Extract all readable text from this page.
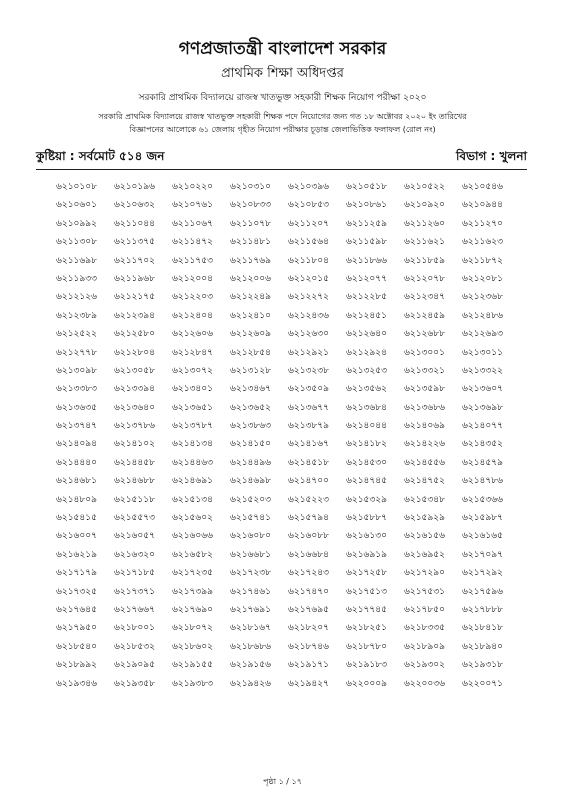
গণপ্রজাতন্ত্রী বাংলাদেশ সরকার
প্রাথমিক শিক্ষা অধিদপ্তর
সরকারি প্রাথমিক বিদ্যালয়ে রাজস্ব খাতভুক্ত সহকারী শিক্ষক নিয়োগ পরীক্ষা ২০২০
সরকারি প্রাথমিক বিদ্যালয়ে রাজস্ব খাতভুক্ত সহকারী শিক্ষক পদে নিয়োগের জন্য গত ১৮ অক্টোবর ২০২০ ইং তারিখের
বিজ্ঞাপনের আলোকে ৬১ জেলায় গৃহীত নিয়োগ পরীক্ষার চূড়ান্ত জেলাভিত্তিক ফলাফল (রোল নং)
কুষ্টিয়া : সর্বমোট ৫১৪ জন	বিভাগ : খুলনা
৬২১০১০৮	৬২১০১৯৬	৬২১০২২০	৬২১০৩১০	৬২১০৩৯৬	৬২১০৫১৮	৬২১০৫২২	৬২১০৫৪৬
৬২১০৬০১	৬২১০৬৩২	৬২১০৭৬১	৬২১০৮৩৩	৬২১০৮৫৩	৬২১০৮৬১	৬২১০৯২০	৬২১০৯৪৪
৬২১০৯৯২	৬২১১০৪৪	৬২১১০৬৭	৬২১১০৭৮	৬২১১২০৭	৬২১১২৫৯	৬২১১২৬০	৬২১১২৭০
৬২১১৩০৮	৬২১১৩৭৫	৬২১১৪৭২	৬২১১৪৮১	৬২১১৫৬৪	৬২১১৫৯৮	৬২১১৬২১	৬২১১৬২৩
৬২১১৬৯৮	৬২১১৭০২	৬২১১৭৫৩	৬২১১৭৬৯	৬২১১৮০৪	৬২১১৮৬৬	৬২১১৮৫৯	৬২১১৮৭২
৬২১১৯৩৩	৬২১১৯৬৮	৬২১২০০৪	৬২১২০০৬	৬২১২০১৫	৬২১২০৭৭	৬২১২০৭৮	৬২১২০৮১
৬২১২১২৬	৬২১২১৭৫	৬২১২২০৩	৬২১২২৪৯	৬২১২২৭২	৬২১২২৮৫	৬২১২৩৪৭	৬২১২৩৬৮
৬২১২৩৮৯	৬২১২৩৯৪	৬২১২৪০৪	৬২১২৪১০	৬২১২৪৩৬	৬২১২৪৫১	৬২১২৪৫৯	৬২১২৪৮৬
৬২১২৫২২	৬২১২৫৮০	৬২১২৬০৬	৬২১২৬০৯	৬২১২৬৩০	৬২১২৬৪০	৬২১২৬৮৮	৬২১২৬৯৩
৬২১২৭৭৮	৬২১২৮০৪	৬২১২৮৪৭	৬২১২৮৫৪	৬২১২৯২১	৬২১২৯২৪	৬২১৩০০১	৬২১৩০১১
৬২১৩০৯৮	৬২১৩০৫৮	৬২১৩০৭২	৬২১৩১২৮	৬২১৩২৩৮	৬২১৩২৫৩	৬২১৩৩২১	৬২১৩৩২২
৬২১৩৩৮৩	৬২১৩৩৯৪	৬২১৩৪০১	৬২১৩৪৬৭	৬২১৩৫০৯	৬২১৩৫৬২	৬২১৩৫৯৮	৬২১৩৬০৭
৬২১৩৬৩৫	৬২১৩৬৪০	৬২১৩৬৫১	৬২১৩৬৫২	৬২১৩৬৭৭	৬২১৩৬৮৪	৬২১৩৬৮৬	৬২১৩৬৯৮
৬২১৩৭৪৭	৬২১৩৭৮৬	৬২১৩৭৮৭	৬২১৩৮৬৩	৬২১৩৮৭৯	৬২১৪০৪৪	৬২১৪০৬৯	৬২১৪০৭৭
৬২১৪০৯৪	৬২১৪১০২	৬২১৪১৩৪	৬২১৪১৫০	৬২১৪১৬৭	৬২১৪১৮২	৬২১৪২২৬	৬২১৪৩৫২
৬২১৪৪৪০	৬২১৪৪৫৮	৬২১৪৪৬৩	৬২১৪৪৯৬	৬২১৪৫১৮	৬২১৪৫৩০	৬২১৪৫৫৬	৬২১৪৫৭৯
৬২১৪৬৮১	৬২১৪৬৮৮	৬২১৪৬৯১	৬২১৪৬৯৮	৬২১৪৭০০	৬২১৪৭৪৫	৬২১৪৭৫২	৬২১৪৭৮৬
৬২১৪৮০৯	৬২১৫১১৮	৬২১৫১৩৪	৬২১৫২০৩	৬২১৫২২৩	৬২১৫৩২৯	৬২১৫৩৪৮	৬২১৫৩৬৬
৬২১৫৪১৫	৬২১৫৫৭৩	৬২১৫৬০২	৬২১৫৭৪১	৬২১৫৭৯৪	৬২১৫৮৮৭	৬২১৫৯২৯	৬২১৫৯৮৭
৬২১৬০০৭	৬২১৬০৫৭	৬২১৬০৬৬	৬২১৬০৮০	৬২১৬০৮৮	৬২১৬১৩০	৬২১৬১৫৬	৬২১৬১৬৫
৬২১৬২১৯	৬২১৬৩২০	৬২১৬৫৮২	৬২১৬৬৮১	৬২১৬৬৮৪	৬২১৬৯১৯	৬২১৬৯৫২	৬২১৭০৯৭
৬২১৭১৭৯	৬২১৭১৮৫	৬২১৭২৩৫	৬২১৭২৩৮	৬২১৭২৪৩	৬২১৭২৫৮	৬২১৭২৯০	৬২১৭২৯২
৬২১৭৩২৫	৬২১৭৩৭১	৬২১৭৩৯৯	৬২১৭৪৬১	৬২১৭৪৭০	৬২১৭৫১৩	৬২১৭৫৩১	৬২১৭৫৯৬
৬২১৭৬৪৫	৬২১৭৬৬৭	৬২১৭৬৯০	৬২১৭৬৯১	৬২১৭৬৯৫	৬২১৭৭৪৫	৬২১৭৮৫০	৬২১৭৮৮৮
৬২১৭৯৫০	৬২১৮০০১	৬২১৮০৭২	৬২১৮১৬৭	৬২১৮২০৭	৬২১৮২৫১	৬২১৮৩৩৫	৬২১৮৪১৮
৬২১৮৫৪০	৬২১৮৫৩২	৬২১৮৬০২	৬২১৮৬৮৬	৬২১৮৭৪৬	৬২১৮৭৮০	৬২১৮৯০৯	৬২১৮৯৪০
৬২১৮৯৯২	৬২১৯০৯৫	৬২১৯১৫৫	৬২১৯১৫৬	৬২১৯১৭১	৬২১৯১৮৩	৬২১৯৩০২	৬২১৯৩১৮
৬২১৯৩৪৬	৬২১৯৩৫৮	৬২১৯৩৮৩	৬২১৯৪২৬	৬২১৯৪২৭	৬২২০০০৯	৬২২০০৩৬	৬২২০০৭১
পৃষ্ঠা ১ / ১৭
